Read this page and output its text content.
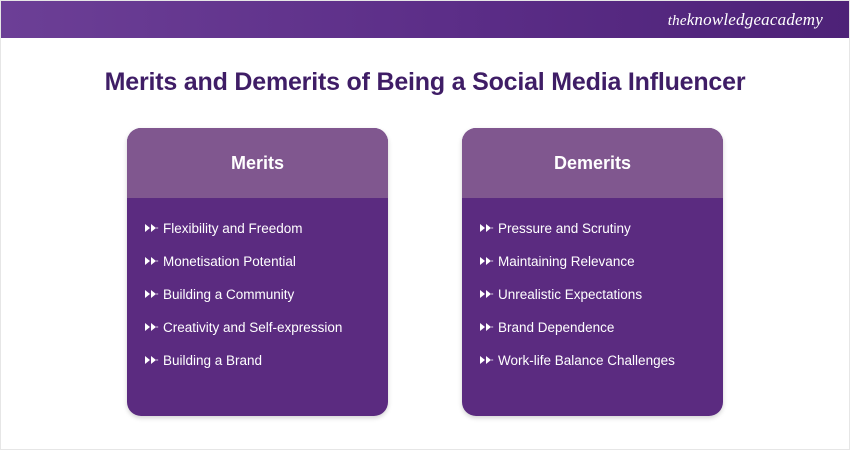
theknowledgeacademy
Merits and Demerits of Being a Social Media Influencer
Merits
Flexibility and Freedom
Monetisation Potential
Building a Community
Creativity and Self-expression
Building a Brand
Demerits
Pressure and Scrutiny
Maintaining Relevance
Unrealistic Expectations
Brand Dependence
Work-life Balance Challenges
